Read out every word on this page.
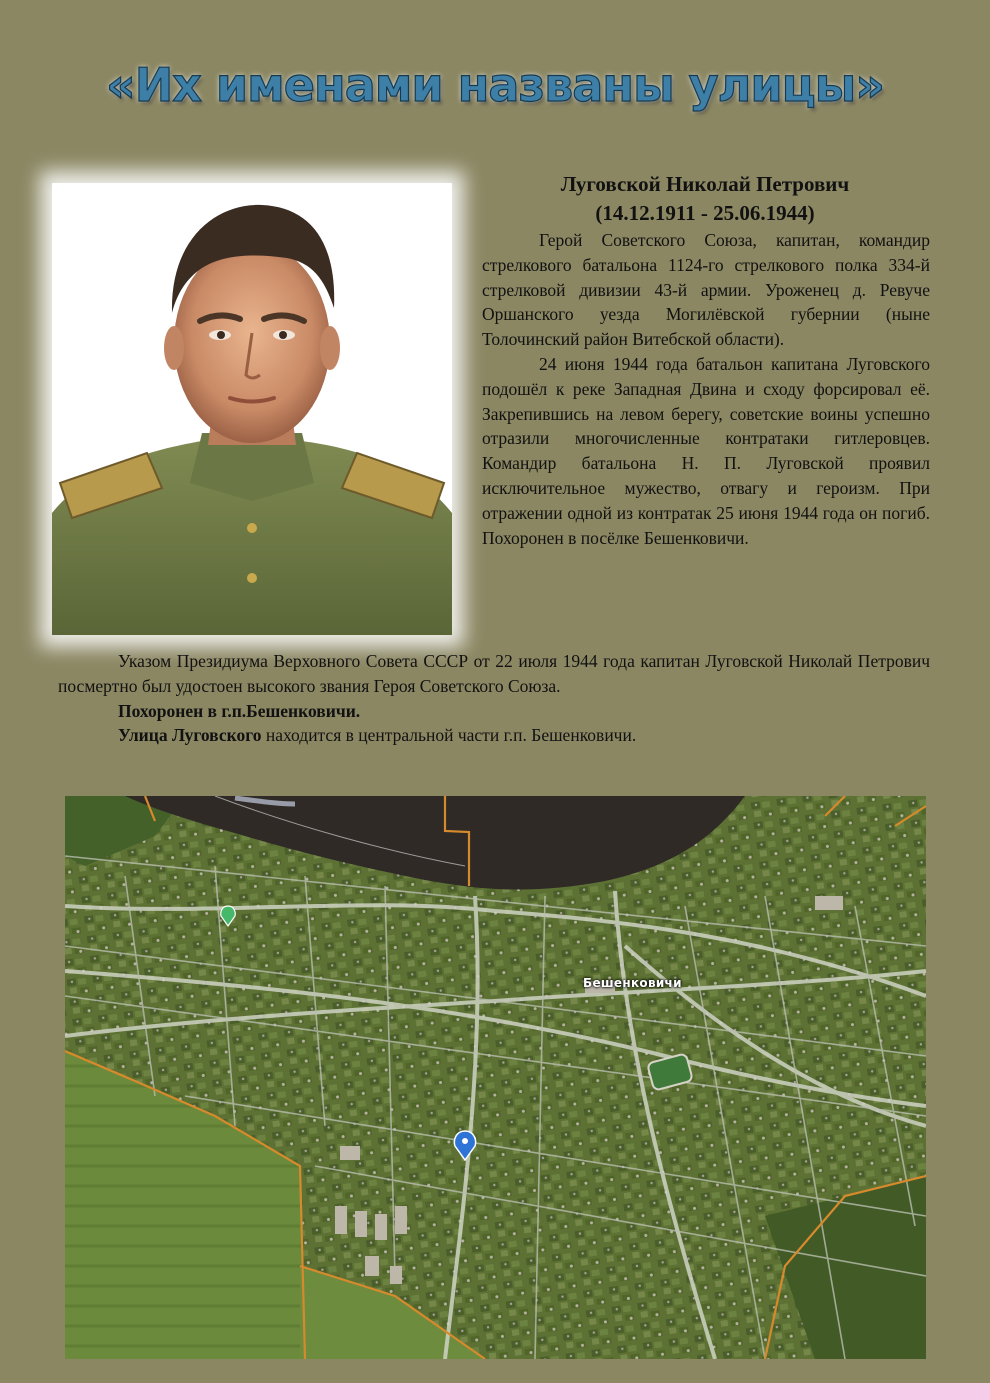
«Их именами названы улицы»
Луговской Николай Петрович
(14.12.1911 - 25.06.1944)

Герой Советского Союза, капитан, командир стрелкового батальона 1124-го стрелкового полка 334-й стрелковой дивизии 43-й армии. Уроженец д. Ревуче Оршанского уезда Могилёвской губернии (ныне Толочинский район Витебской области).

24 июня 1944 года батальон капитана Луговского подошёл к реке Западная Двина и сходу форсировал её. Закрепившись на левом берегу, советские воины успешно отразили многочисленные контратаки гитлеровцев. Командир батальона Н. П. Луговской проявил исключительное мужество, отвагу и героизм. При отражении одной из контратак 25 июня 1944 года он погиб. Похоронен в посёлке Бешенковичи.

Указом Президиума Верховного Совета СССР от 22 июля 1944 года капитан Луговской Николай Петрович посмертно был удостоен высокого звания Героя Советского Союза.

Похоронен в г.п.Бешенковичи.

Улица Луговского находится в центральной части г.п. Бешенковичи.

Бешенковичи
